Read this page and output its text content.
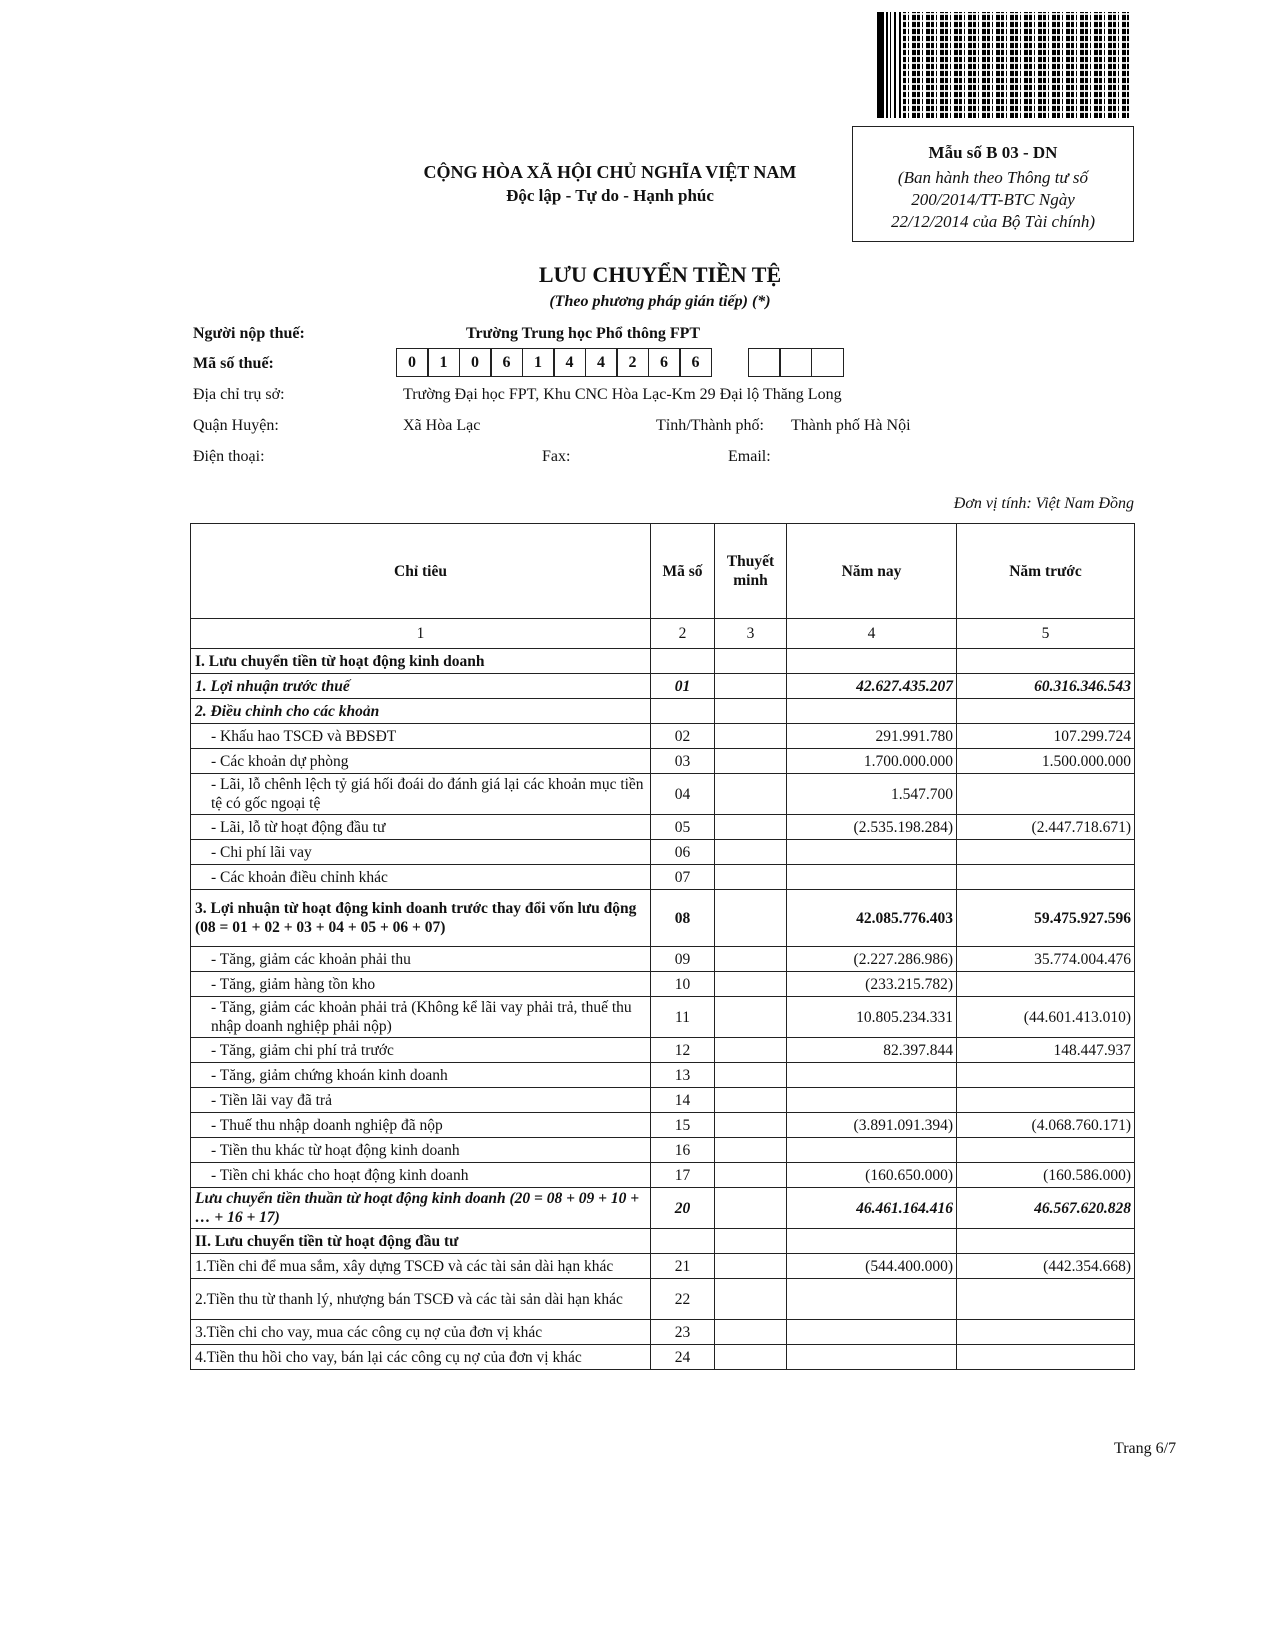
Mẫu số B 03 - DN
(Ban hành theo Thông tư số
200/2014/TT-BTC Ngày
22/12/2014 của Bộ Tài chính)
CỘNG HÒA XÃ HỘI CHỦ NGHĨA VIỆT NAM
Độc lập - Tự do - Hạnh phúc
LƯU CHUYỂN TIỀN TỆ
(Theo phương pháp gián tiếp) (*)
Người nộp thuế:	Trường Trung học Phổ thông FPT
Mã số thuế:	0	1	0	6	1	4	4	2	6	6
Địa chỉ trụ sở:	Trường Đại học FPT, Khu CNC Hòa Lạc-Km 29 Đại lộ Thăng Long
Quận Huyện:	Xã Hòa Lạc	Tỉnh/Thành phố: Thành phố Hà Nội
Điện thoại:	Fax:	Email:
Đơn vị tính: Việt Nam Đồng
Chỉ tiêu	Mã số	Thuyết minh	Năm nay	Năm trước
1	2	3	4	5
I. Lưu chuyển tiền từ hoạt động kinh doanh				
1. Lợi nhuận trước thuế	01		42.627.435.207	60.316.346.543
2. Điều chỉnh cho các khoản				
- Khấu hao TSCĐ và BĐSĐT	02		291.991.780	107.299.724
- Các khoản dự phòng	03		1.700.000.000	1.500.000.000
- Lãi, lỗ chênh lệch tỷ giá hối đoái do đánh giá lại các khoản mục tiền tệ có gốc ngoại tệ	04		1.547.700	
- Lãi, lỗ từ hoạt động đầu tư	05		(2.535.198.284)	(2.447.718.671)
- Chi phí lãi vay	06			
- Các khoản điều chỉnh khác	07			
3. Lợi nhuận từ hoạt động kinh doanh trước thay đổi vốn lưu động (08 = 01 + 02 + 03 + 04 + 05 + 06 + 07)	08		42.085.776.403	59.475.927.596
- Tăng, giảm các khoản phải thu	09		(2.227.286.986)	35.774.004.476
- Tăng, giảm hàng tồn kho	10		(233.215.782)	
- Tăng, giảm các khoản phải trả (Không kể lãi vay phải trả, thuế thu nhập doanh nghiệp phải nộp)	11		10.805.234.331	(44.601.413.010)
- Tăng, giảm chi phí trả trước	12		82.397.844	148.447.937
- Tăng, giảm chứng khoán kinh doanh	13			
- Tiền lãi vay đã trả	14			
- Thuế thu nhập doanh nghiệp đã nộp	15		(3.891.091.394)	(4.068.760.171)
- Tiền thu khác từ hoạt động kinh doanh	16			
- Tiền chi khác cho hoạt động kinh doanh	17		(160.650.000)	(160.586.000)
Lưu chuyển tiền thuần từ hoạt động kinh doanh (20 = 08 + 09 + 10 + … + 16 + 17)	20		46.461.164.416	46.567.620.828
II. Lưu chuyển tiền từ hoạt động đầu tư				
1.Tiền chi để mua sắm, xây dựng TSCĐ và các tài sản dài hạn khác	21		(544.400.000)	(442.354.668)
2.Tiền thu từ thanh lý, nhượng bán TSCĐ và các tài sản dài hạn khác	22			
3.Tiền chi cho vay, mua các công cụ nợ của đơn vị khác	23			
4.Tiền thu hồi cho vay, bán lại các công cụ nợ của đơn vị khác	24			
Trang 6/7
